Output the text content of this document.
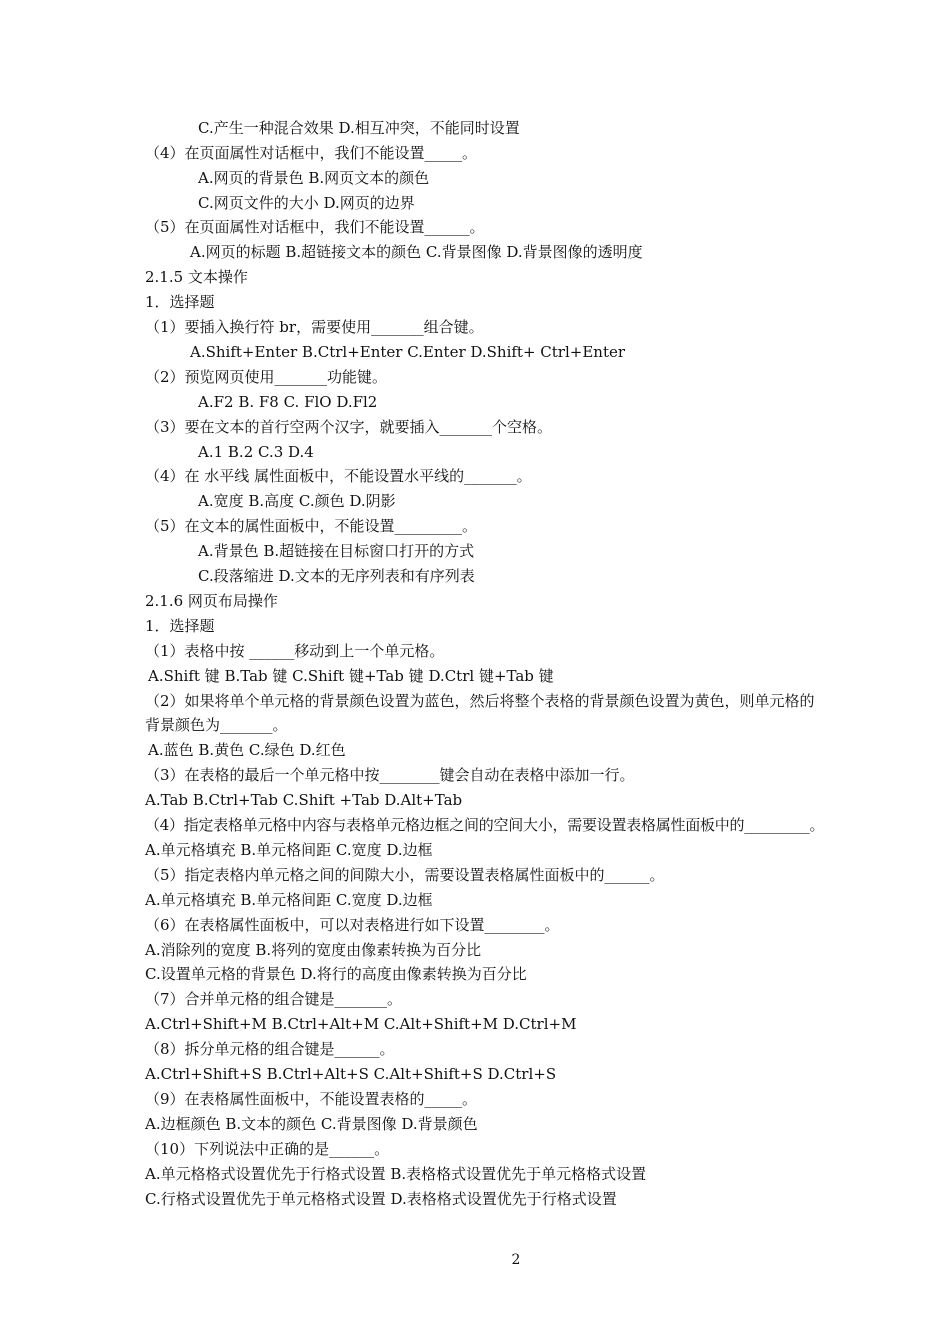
C.产生一种混合效果 D.相互冲突，不能同时设置
（4）在页面属性对话框中，我们不能设置_____。
A.网页的背景色 B.网页文本的颜色
C.网页文件的大小 D.网页的边界
（5）在页面属性对话框中，我们不能设置______。
A.网页的标题 B.超链接文本的颜色 C.背景图像 D.背景图像的透明度
2.1.5 文本操作
1．选择题
（1）要插入换行符 br，需要使用_______组合键。
A.Shift+Enter B.Ctrl+Enter C.Enter D.Shift+ Ctrl+Enter
（2）预览网页使用_______功能键。
A.F2 B. F8 C. FlO D.Fl2
（3）要在文本的首行空两个汉字，就要插入_______个空格。
A.1 B.2 C.3 D.4
（4）在 水平线 属性面板中，不能设置水平线的_______。
A.宽度 B.高度 C.颜色 D.阴影
（5）在文本的属性面板中，不能设置_________。
A.背景色 B.超链接在目标窗口打开的方式
C.段落缩进 D.文本的无序列表和有序列表
2.1.6 网页布局操作
1．选择题
（1）表格中按 ______移动到上一个单元格。
A.Shift 键 B.Tab 键 C.Shift 键+Tab 键 D.Ctrl 键+Tab 键
（2）如果将单个单元格的背景颜色设置为蓝色，然后将整个表格的背景颜色设置为黄色，则单元格的
背景颜色为_______。
A.蓝色 B.黄色 C.绿色 D.红色
（3）在表格的最后一个单元格中按________键会自动在表格中添加一行。
A.Tab B.Ctrl+Tab C.Shift +Tab D.Alt+Tab
（4）指定表格单元格中内容与表格单元格边框之间的空间大小，需要设置表格属性面板中的_________。
A.单元格填充 B.单元格间距 C.宽度 D.边框
（5）指定表格内单元格之间的间隙大小，需要设置表格属性面板中的______。
A.单元格填充 B.单元格间距 C.宽度 D.边框
（6）在表格属性面板中，可以对表格进行如下设置________。
A.消除列的宽度 B.将列的宽度由像素转换为百分比
C.设置单元格的背景色 D.将行的高度由像素转换为百分比
（7）合并单元格的组合键是_______。
A.Ctrl+Shift+M B.Ctrl+Alt+M C.Alt+Shift+M D.Ctrl+M
（8）拆分单元格的组合键是______。
A.Ctrl+Shift+S B.Ctrl+Alt+S C.Alt+Shift+S D.Ctrl+S
（9）在表格属性面板中，不能设置表格的_____。
A.边框颜色 B.文本的颜色 C.背景图像 D.背景颜色
（10）下列说法中正确的是______。
A.单元格格式设置优先于行格式设置 B.表格格式设置优先于单元格格式设置
C.行格式设置优先于单元格格式设置 D.表格格式设置优先于行格式设置
2
